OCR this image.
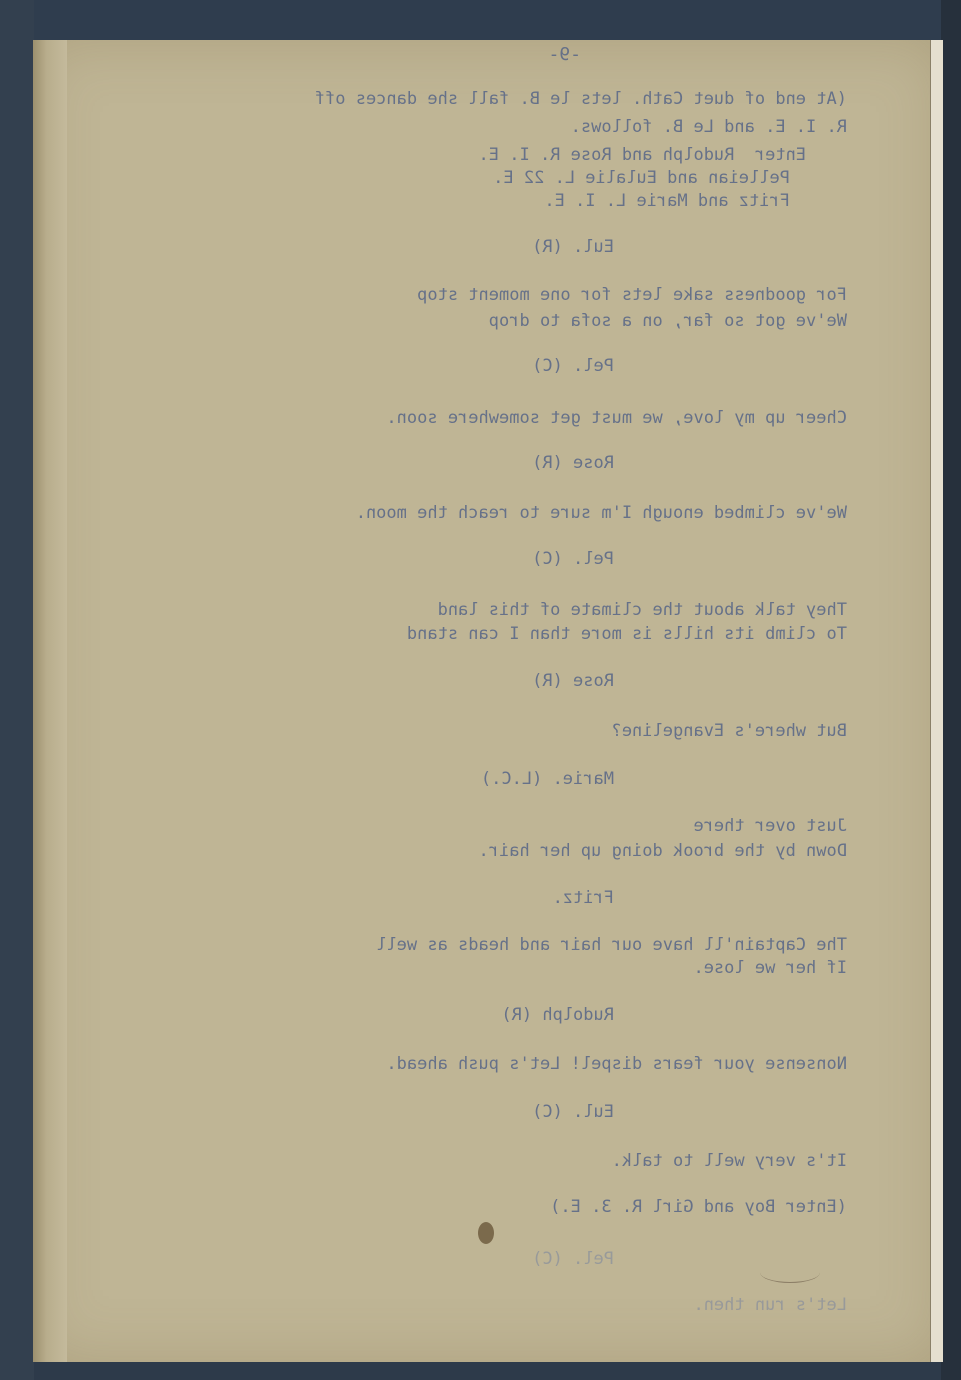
-9-
(At end of duet Cath. lets le B. fall she dances off
R. I. E. and Le B. follows.
Enter  Rudolph and Rose R. I. E.
Pelleian and Eulalie L. 22 E.
Fritz and Marie L. I. E.
Eul. (R)
For goodness sake lets for one moment stop
We've got so far, on a sofa to drop
Pel. (C)
Cheer up my love, we must get somewhere soon.
Rose (R)
We've climbed enough I'm sure to reach the moon.
Pel. (C)
They talk about the climate of this land
To climb its hills is more than I can stand
Rose (R)
But where's Evangeline?
Marie. (L.C.)
Just over there
Down by the brook doing up her hair.
Fritz.
The Captain'll have our hair and heads as well
If her we lose.
Rudolph (R)
Nonsense your fears dispel! Let's push ahead.
Eul. (C)
It's very well to talk.
(Enter Boy and Girl R. 3. E.)
Pel. (C)
Let's run then.
